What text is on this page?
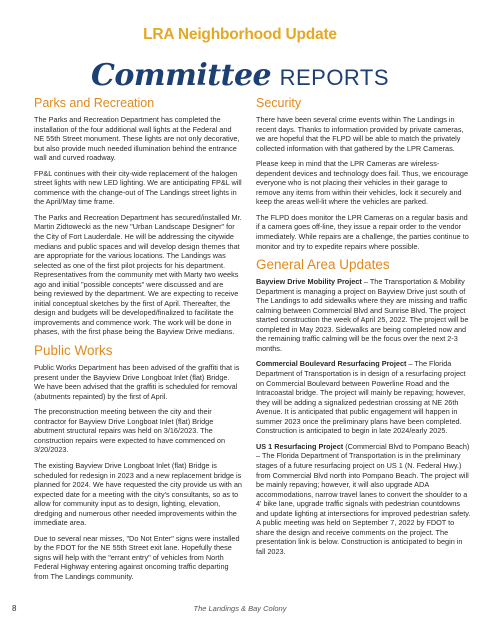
LRA Neighborhood Update
Committee REPORTS
Parks and Recreation

The Parks and Recreation Department has completed the installation of the four additional wall lights at the Federal and NE 55th Street monument. These lights are not only decorative, but also provide much needed illumination behind the entrance wall and curved roadway.

FP&L continues with their city-wide replacement of the halogen street lights with new LED lighting. We are anticipating FP&L will commence with the change-out of The Landings street lights in the April/May time frame.

The Parks and Recreation Department has secured/installed Mr. Martin Zidtowecki as the new "Urban Landscape Designer" for the City of Fort Lauderdale. He will be addressing the citywide medians and public spaces and will develop design themes that are appropriate for the various locations. The Landings was selected as one of the first pilot projects for his department. Representatives from the community met with Marty two weeks ago and initial "possible concepts" were discussed and are being reviewed by the department. We are expecting to receive initial conceptual sketches by the first of April. Thereafter, the design and budgets will be developed/finalized to facilitate the improvements and commence work. The work will be done in phases, with the first phase being the Bayview Drive medians.

Public Works

Public Works Department has been advised of the graffiti that is present under the Bayview Drive Longboat Inlet (flat) Bridge. We have been advised that the graffiti is scheduled for removal (abutments repainted) by the first of April.

The preconstruction meeting between the city and their contractor for Bayview Drive Longboat Inlet (flat) Bridge abutment structural repairs was held on 3/16/2023. The construction repairs were expected to have commenced on 3/20/2023.

The existing Bayview Drive Longboat Inlet (flat) Bridge is scheduled for redesign in 2023 and a new replacement bridge is planned for 2024. We have requested the city provide us with an expected date for a meeting with the city's consultants, so as to allow for community input as to design, lighting, elevation, dredging and numerous other needed improvements within the immediate area.

Due to several near misses, "Do Not Enter" signs were installed by the FDOT for the NE 55th Street exit lane. Hopefully these signs will help with the "errant entry" of vehicles from North Federal Highway entering against oncoming traffic departing from The Landings community.

Security

There have been several crime events within The Landings in recent days. Thanks to information provided by private cameras, we are hopeful that the FLPD will be able to match the privately collected information with that gathered by the LPR Cameras.

Please keep in mind that the LPR Cameras are wireless-dependent devices and technology does fail. Thus, we encourage everyone who is not placing their vehicles in their garage to remove any items from within their vehicles, lock it securely and keep the areas well-lit where the vehicles are parked.

The FLPD does monitor the LPR Cameras on a regular basis and if a camera goes off-line, they issue a repair order to the vendor immediately. While repairs are a challenge, the parties continue to monitor and try to expedite repairs where possible.

General Area Updates

Bayview Drive Mobility Project – The Transportation & Mobility Department is managing a project on Bayview Drive just south of The Landings to add sidewalks where they are missing and traffic calming between Commercial Blvd and Sunrise Blvd. The project started construction the week of April 25, 2022. The project will be completed in May 2023. Sidewalks are being completed now and the remaining traffic calming will be the focus over the next 2-3 months.

Commercial Boulevard Resurfacing Project – The Florida Department of Transportation is in design of a resurfacing project on Commercial Boulevard between Powerline Road and the Intracoastal bridge. The project will mainly be repaving; however, they will be adding a signalized pedestrian crossing at NE 26th Avenue. It is anticipated that public engagement will happen in summer 2023 once the preliminary plans have been completed. Construction is anticipated to begin in late 2024/early 2025.

US 1 Resurfacing Project (Commercial Blvd to Pompano Beach) – The Florida Department of Transportation is in the preliminary stages of a future resurfacing project on US 1 (N. Federal Hwy.) from Commercial Blvd north into Pompano Beach. The project will be mainly repaving; however, it will also upgrade ADA accommodations, narrow travel lanes to convert the shoulder to a 4' bike lane, upgrade traffic signals with pedestrian countdowns and update lighting at intersections for improved pedestrian safety. A public meeting was held on September 7, 2022 by FDOT to share the design and receive comments on the project. The presentation link is below. Construction is anticipated to begin in fall 2023.

8	The Landings & Bay Colony
